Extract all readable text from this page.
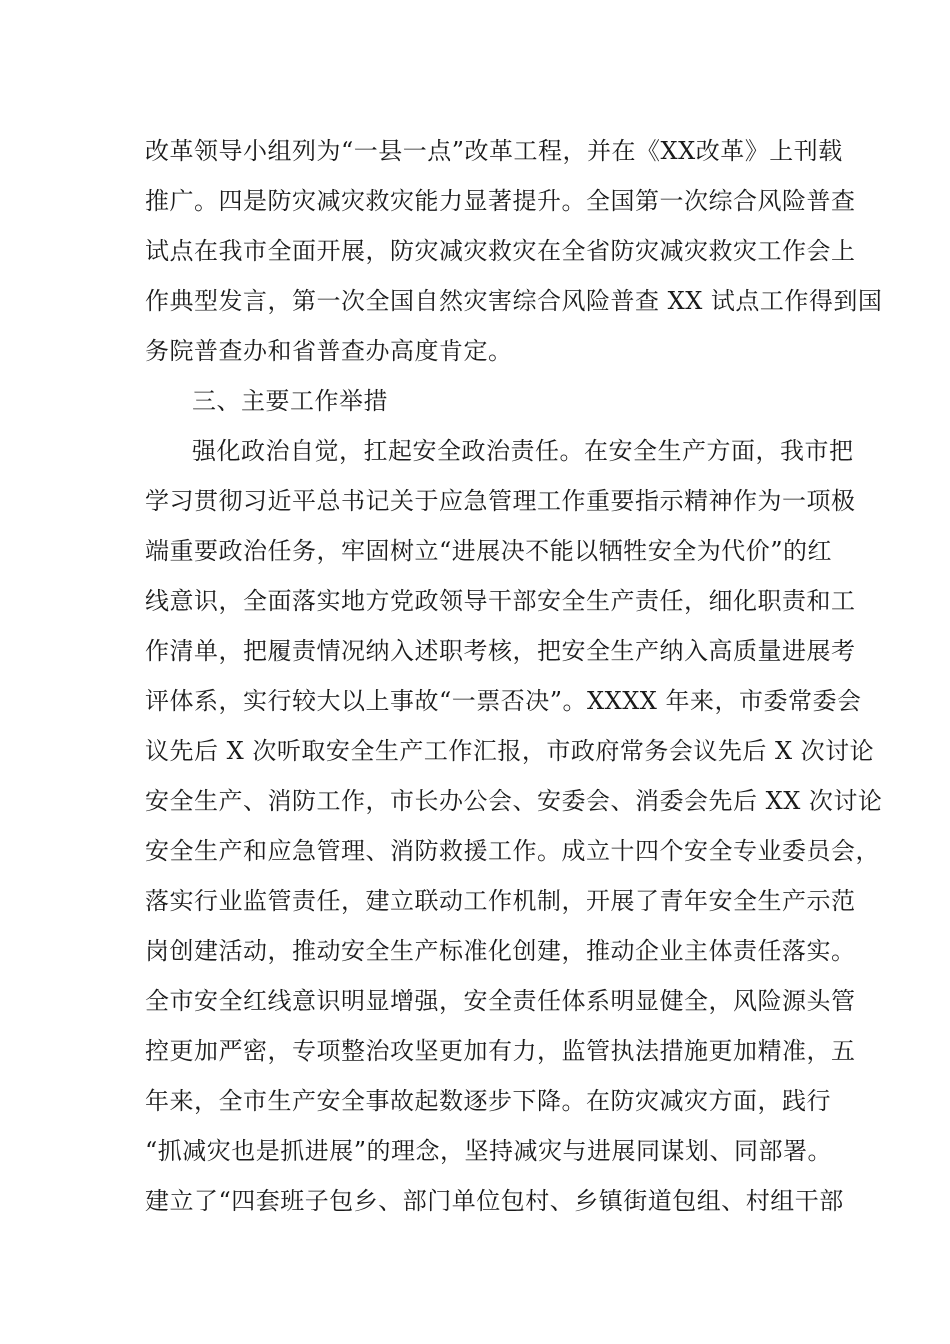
改革领导小组列为“一县一点”改革工程，并在《XX改革》上刊载
推广。四是防灾减灾救灾能力显著提升。全国第一次综合风险普查
试点在我市全面开展，防灾减灾救灾在全省防灾减灾救灾工作会上
作典型发言，第一次全国自然灾害综合风险普查 XX 试点工作得到国
务院普查办和省普查办高度肯定。
三、主要工作举措
强化政治自觉，扛起安全政治责任。在安全生产方面，我市把
学习贯彻习近平总书记关于应急管理工作重要指示精神作为一项极
端重要政治任务，牢固树立“进展决不能以牺牲安全为代价”的红
线意识，全面落实地方党政领导干部安全生产责任，细化职责和工
作清单，把履责情况纳入述职考核，把安全生产纳入高质量进展考
评体系，实行较大以上事故“一票否决”。XXXX 年来，市委常委会
议先后 X 次听取安全生产工作汇报，市政府常务会议先后 X 次讨论
安全生产、消防工作，市长办公会、安委会、消委会先后 XX 次讨论
安全生产和应急管理、消防救援工作。成立十四个安全专业委员会，
落实行业监管责任，建立联动工作机制，开展了青年安全生产示范
岗创建活动，推动安全生产标准化创建，推动企业主体责任落实。
全市安全红线意识明显增强，安全责任体系明显健全，风险源头管
控更加严密，专项整治攻坚更加有力，监管执法措施更加精准，五
年来，全市生产安全事故起数逐步下降。在防灾减灾方面，践行
“抓减灾也是抓进展”的理念，坚持减灾与进展同谋划、同部署。
建立了“四套班子包乡、部门单位包村、乡镇街道包组、村组干部
